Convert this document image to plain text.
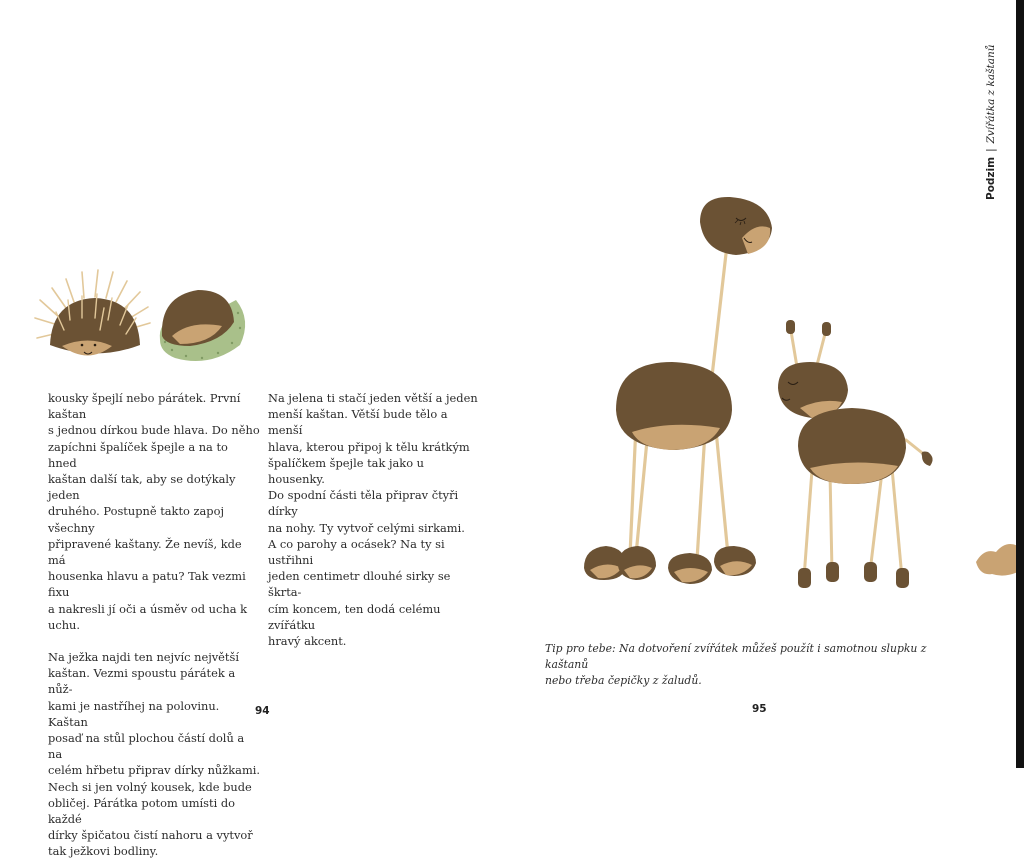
kousky špejlí nebo párátek. První kaštan
s jednou dírkou bude hlava. Do něho
zapíchni špalíček špejle a na to hned
kaštan další tak, aby se dotýkaly jeden
druhého. Postupně takto zapoj všechny
připravené kaštany. Že nevíš, kde má
housenka hlavu a patu? Tak vezmi fixu
a nakresli jí oči a úsměv od ucha k uchu.

Na ježka najdi ten nejvíc největší
kaštan. Vezmi spoustu párátek a nůž-
kami je nastříhej na polovinu. Kaštan
posaď na stůl plochou částí dolů a na
celém hřbetu připrav dírky nůžkami.
Nech si jen volný kousek, kde bude
obličej. Párátka potom umísti do každé
dírky špičatou čistí nahoru a vytvoř
tak ježkovi bodliny.

Na jelena ti stačí jeden větší a jeden
menší kaštan. Větší bude tělo a menší
hlava, kterou připoj k tělu krátkým
špalíčkem špejle tak jako u housenky.
Do spodní části těla připrav čtyři dírky
na nohy. Ty vytvoř celými sirkami.
A co parohy a ocásek? Na ty si ustřihni
jeden centimetr dlouhé sirky se škrta-
cím koncem, ten dodá celému zvířátku
hravý akcent.

94
Tip pro tebe: Na dotvoření zvířátek můžeš použít i samotnou slupku z kaštanů
nebo třeba čepičky z žaludů.
95
Podzim|Zvířátka z kaštanů
